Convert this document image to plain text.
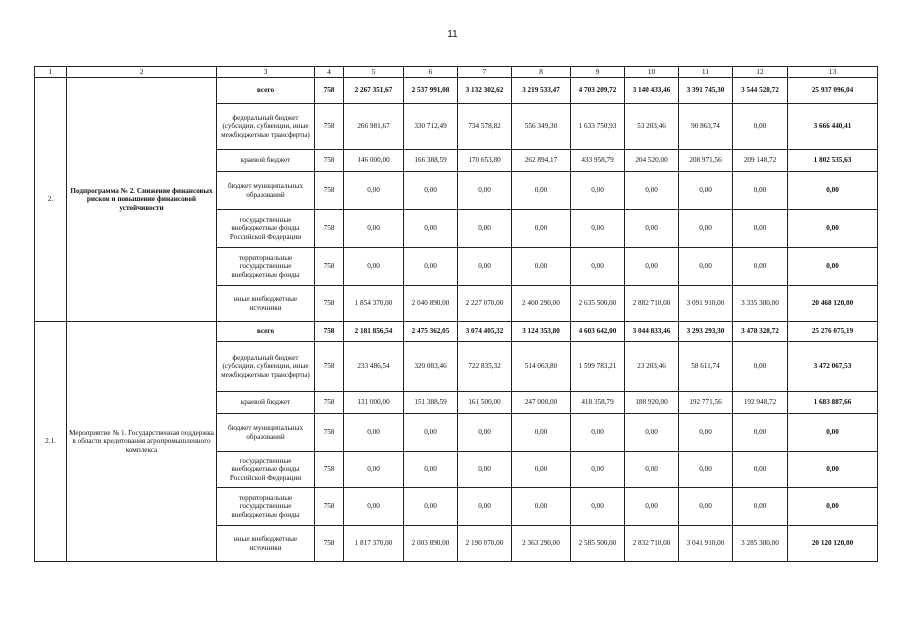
11
1	2	3	4	5	6	7	8	9	10	11	12	13
2.	Подпрограмма № 2. Снижение финансовых рисков и повышение финансовой устойчивости	всего	758	2 267 351,67	2 537 991,08	3 132 302,62	3 219 533,47	4 703 209,72	3 140 433,46	3 391 745,30	3 544 528,72	25 937 096,04
		федеральный бюджет (субсидии, субвенции, иные межбюджетные трансферты)	758	266 981,67	330 712,49	734 578,82	556 349,30	1 633 750,93	53 203,46	90 863,74	0,00	3 666 440,41
		краевой бюджет	758	146 000,00	166 388,59	170 653,80	262 894,17	433 958,79	204 520,00	208 971,56	209 148,72	1 802 535,63
		бюджет муниципальных образований	758	0,00	0,00	0,00	0,00	0,00	0,00	0,00	0,00	0,00
		государственные внебюджетные фонды Российской Федерации	758	0,00	0,00	0,00	0,00	0,00	0,00	0,00	0,00	0,00
		территориальные государственные внебюджетные фонды	758	0,00	0,00	0,00	0,00	0,00	0,00	0,00	0,00	0,00
		иные внебюджетные источники	758	1 854 370,00	2 040 890,00	2 227 070,00	2 400 290,00	2 635 500,00	2 882 710,00	3 091 910,00	3 335 380,00	20 468 120,00
2.1.	Мероприятие № 1. Государственная поддержка в области кредитования агропромышленного комплекса	всего	758	2 181 856,54	2 475 362,05	3 074 405,32	3 124 353,80	4 603 642,00	3 044 833,46	3 293 293,30	3 478 328,72	25 276 075,19
		федеральный бюджет (субсидии, субвенции, иные межбюджетные трансферты)	758	233 486,54	320 083,46	722 835,32	514 063,80	1 599 783,21	23 203,46	58 611,74	0,00	3 472 067,53
		краевой бюджет	758	131 000,00	151 388,59	161 500,00	247 000,00	418 358,79	188 920,00	192 771,56	192 948,72	1 683 887,66
		бюджет муниципальных образований	758	0,00	0,00	0,00	0,00	0,00	0,00	0,00	0,00	0,00
		государственные внебюджетные фонды Российской Федерации	758	0,00	0,00	0,00	0,00	0,00	0,00	0,00	0,00	0,00
		территориальные государственные внебюджетные фонды	758	0,00	0,00	0,00	0,00	0,00	0,00	0,00	0,00	0,00
		иные внебюджетные источники	758	1 817 370,00	2 003 890,00	2 190 070,00	2 363 290,00	2 585 500,00	2 832 710,00	3 041 910,00	3 285 380,00	20 120 120,00
